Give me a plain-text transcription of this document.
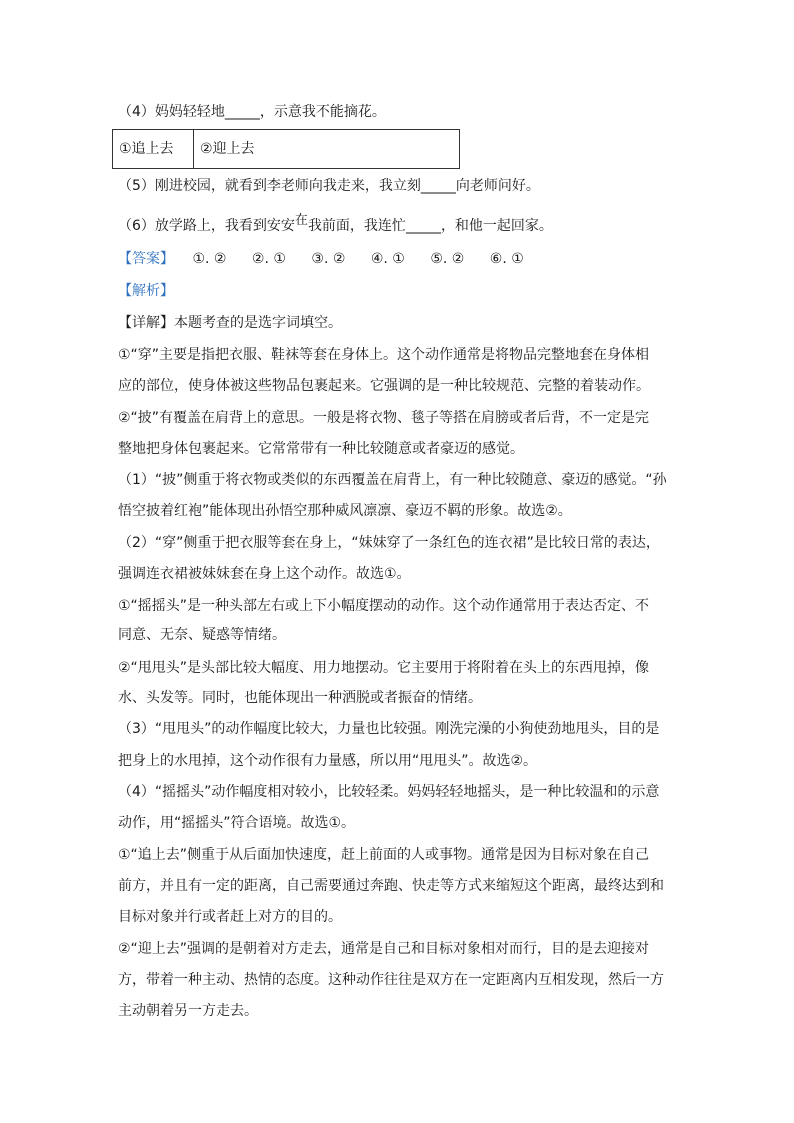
（4）妈妈轻轻地_____，示意我不能摘花。
①追上去	②迎上去
（5）刚进校园，就看到李老师向我走来，我立刻_____向老师问好。
（6）放学路上，我看到安安在我前面，我连忙_____，和他一起回家。
【答案】 ①. ② ②. ① ③. ② ④. ① ⑤. ② ⑥. ①
【解析】
【详解】本题考查的是选字词填空。
①“穿”主要是指把衣服、鞋袜等套在身体上。这个动作通常是将物品完整地套在身体相
应的部位，使身体被这些物品包裹起来。它强调的是一种比较规范、完整的着装动作。
②“披”有覆盖在肩背上的意思。一般是将衣物、毯子等搭在肩膀或者后背，不一定是完
整地把身体包裹起来。它常常带有一种比较随意或者豪迈的感觉。
（1）“披”侧重于将衣物或类似的东西覆盖在肩背上，有一种比较随意、豪迈的感觉。“孙
悟空披着红袍”能体现出孙悟空那种威风凛凛、豪迈不羁的形象。故选②。
（2）“穿”侧重于把衣服等套在身上，“妹妹穿了一条红色的连衣裙”是比较日常的表达，
强调连衣裙被妹妹套在身上这个动作。故选①。
①“摇摇头”是一种头部左右或上下小幅度摆动的动作。这个动作通常用于表达否定、不
同意、无奈、疑惑等情绪。
②“甩甩头”是头部比较大幅度、用力地摆动。它主要用于将附着在头上的东西甩掉，像
水、头发等。同时，也能体现出一种洒脱或者振奋的情绪。
（3）“甩甩头”的动作幅度比较大，力量也比较强。刚洗完澡的小狗使劲地甩头，目的是
把身上的水甩掉，这个动作很有力量感，所以用“甩甩头”。故选②。
（4）“摇摇头”动作幅度相对较小，比较轻柔。妈妈轻轻地摇头，是一种比较温和的示意
动作，用“摇摇头”符合语境。故选①。
①“追上去”侧重于从后面加快速度，赶上前面的人或事物。通常是因为目标对象在自己
前方，并且有一定的距离，自己需要通过奔跑、快走等方式来缩短这个距离，最终达到和
目标对象并行或者赶上对方的目的。
②“迎上去”强调的是朝着对方走去，通常是自己和目标对象相对而行，目的是去迎接对
方，带着一种主动、热情的态度。这种动作往往是双方在一定距离内互相发现，然后一方
主动朝着另一方走去。
